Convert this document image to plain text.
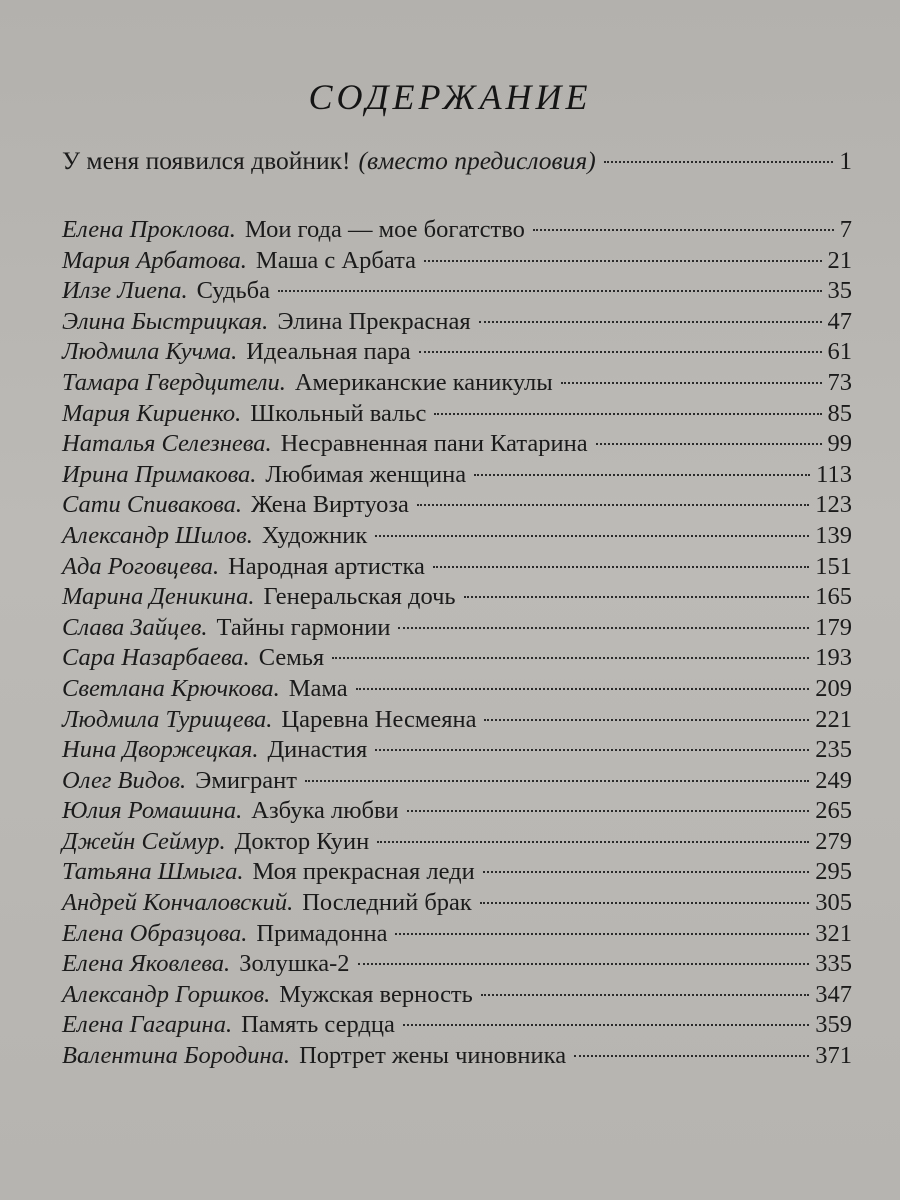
СОДЕРЖАНИЕ
У меня появился двойник! (вместо предисловия)	1
Елена Проклова. Мои года — мое богатство	7
Мария Арбатова. Маша с Арбата	21
Илзе Лиепа. Судьба	35
Элина Быстрицкая. Элина Прекрасная	47
Людмила Кучма. Идеальная пара	61
Тамара Гвердцители. Американские каникулы	73
Мария Кириенко. Школьный вальс	85
Наталья Селезнева. Несравненная пани Катарина	99
Ирина Примакова. Любимая женщина	113
Сати Спивакова. Жена Виртуоза	123
Александр Шилов. Художник	139
Ада Роговцева. Народная артистка	151
Марина Деникина. Генеральская дочь	165
Слава Зайцев. Тайны гармонии	179
Сара Назарбаева. Семья	193
Светлана Крючкова. Мама	209
Людмила Турищева. Царевна Несмеяна	221
Нина Дворжецкая. Династия	235
Олег Видов. Эмигрант	249
Юлия Ромашина. Азбука любви	265
Джейн Сеймур. Доктор Куин	279
Татьяна Шмыга. Моя прекрасная леди	295
Андрей Кончаловский. Последний брак	305
Елена Образцова. Примадонна	321
Елена Яковлева. Золушка-2	335
Александр Горшков. Мужская верность	347
Елена Гагарина. Память сердца	359
Валентина Бородина. Портрет жены чиновника	371
